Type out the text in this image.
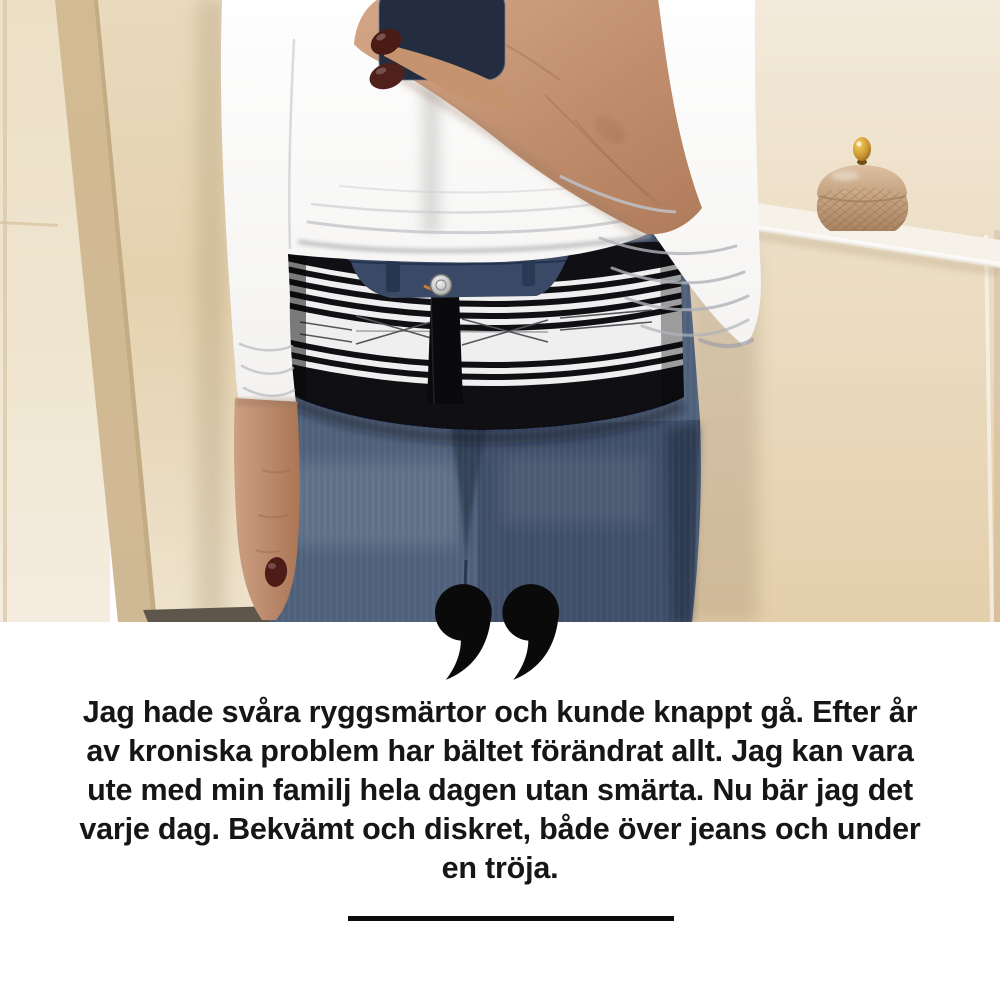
Jag hade svåra ryggsmärtor och kunde knappt gå. Efter år
av kroniska problem har bältet förändrat allt. Jag kan vara
ute med min familj hela dagen utan smärta. Nu bär jag det
varje dag. Bekvämt och diskret, både över jeans och under
en tröja.
